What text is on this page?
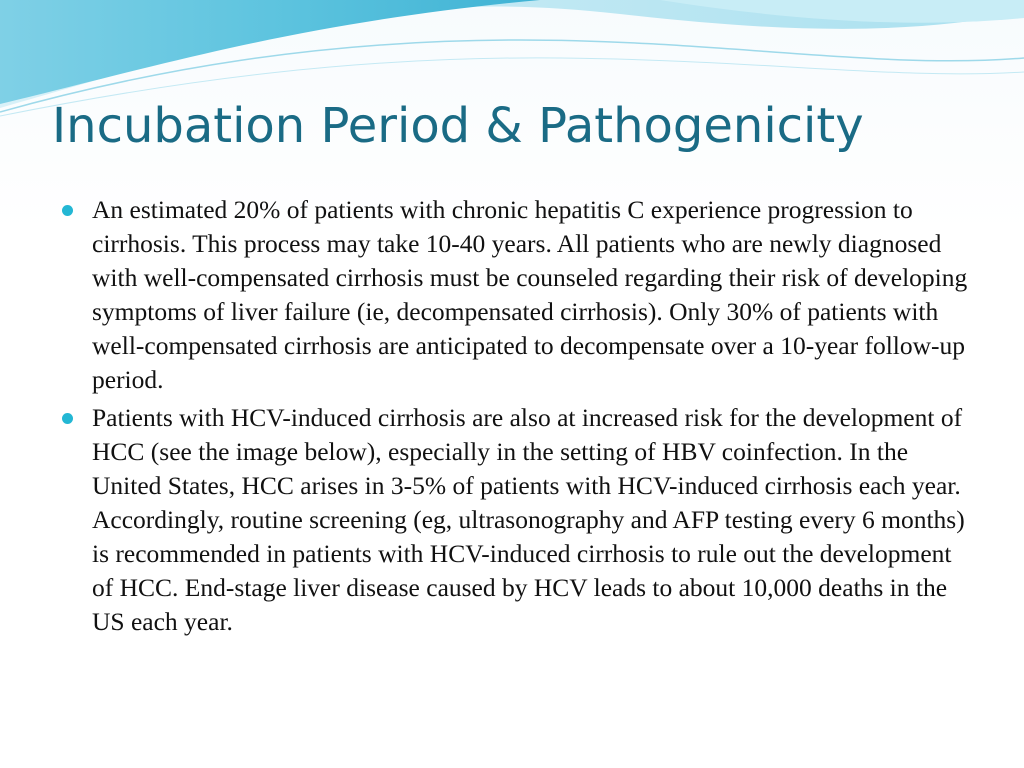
Incubation Period & Pathogenicity
An estimated 20% of patients with chronic hepatitis C experience progression to cirrhosis. This process may take 10-40 years. All patients who are newly diagnosed with well-compensated cirrhosis must be counseled regarding their risk of developing symptoms of liver failure (ie, decompensated cirrhosis). Only 30% of patients with well-compensated cirrhosis are anticipated to decompensate over a 10-year follow-up period.
Patients with HCV-induced cirrhosis are also at increased risk for the development of HCC (see the image below), especially in the setting of HBV coinfection. In the United States, HCC arises in 3-5% of patients with HCV-induced cirrhosis each year. Accordingly, routine screening (eg, ultrasonography and AFP testing every 6 months) is recommended in patients with HCV-induced cirrhosis to rule out the development of HCC. End-stage liver disease caused by HCV leads to about 10,000 deaths in the US each year.
